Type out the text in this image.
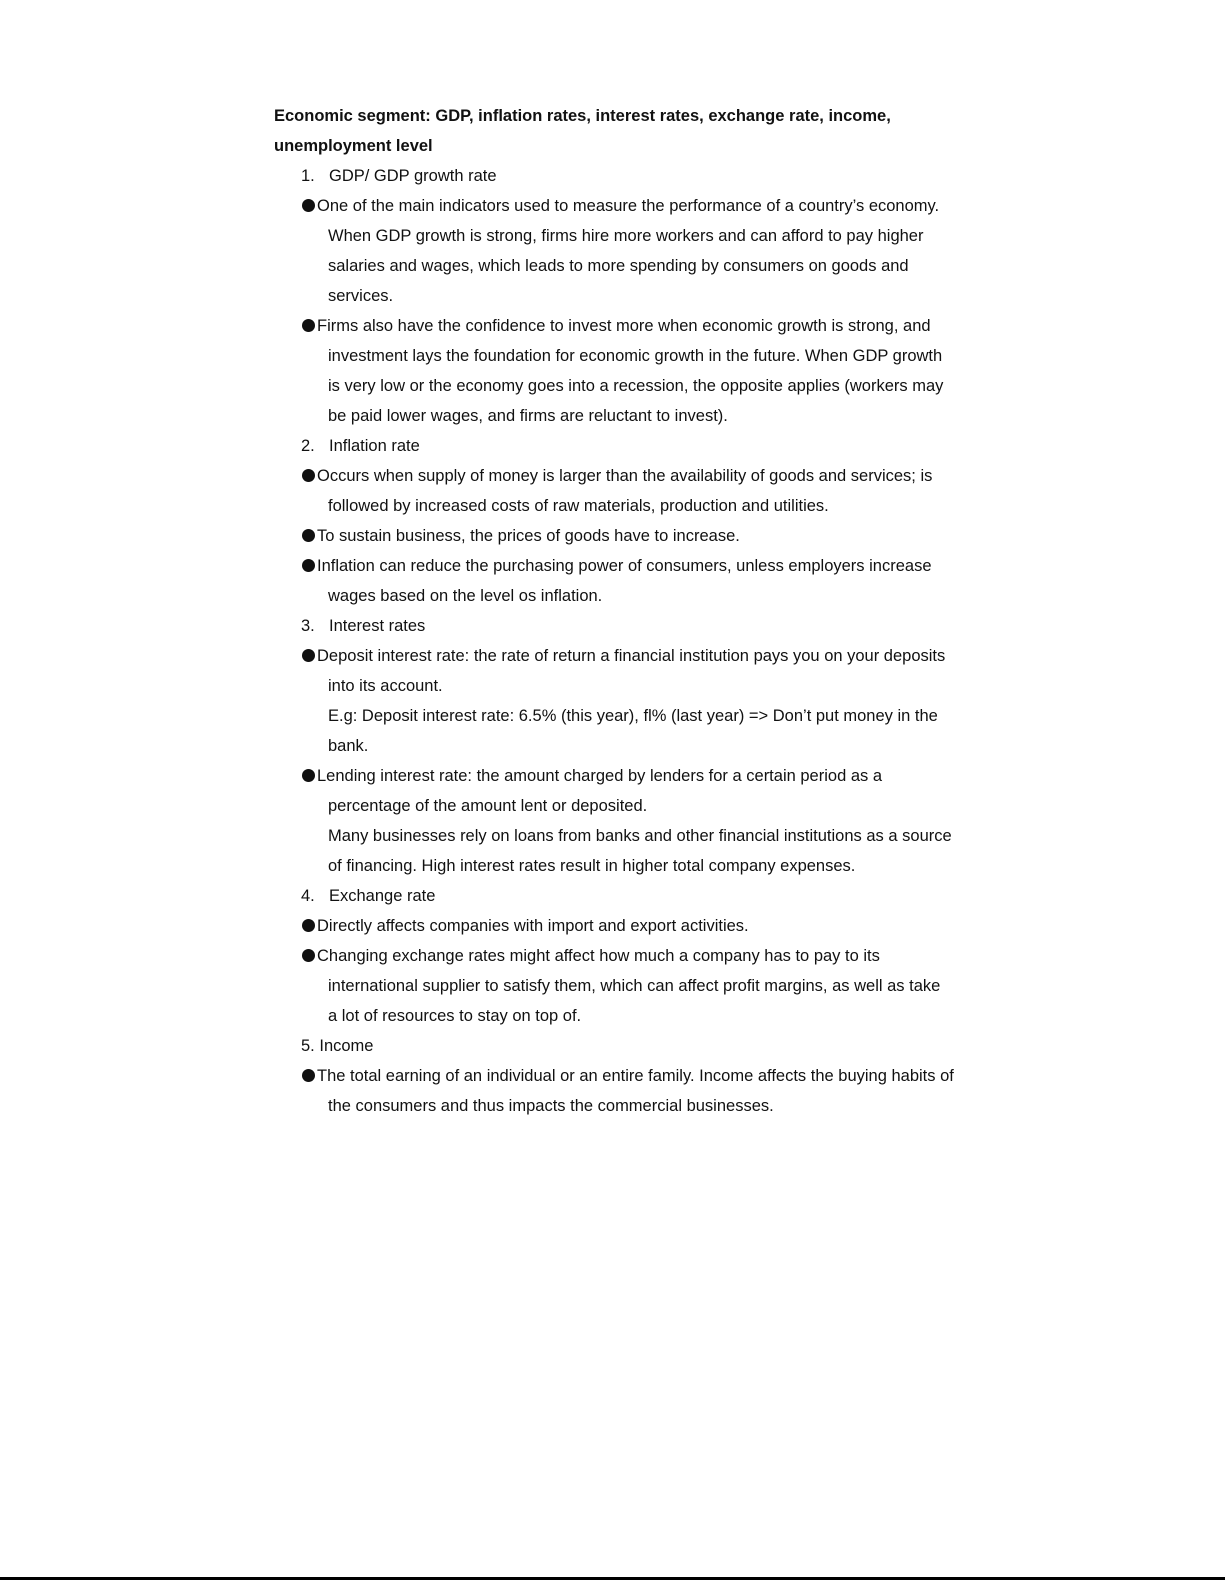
Economic segment: GDP, inflation rates, interest rates, exchange rate, income, unemployment level

1. GDP/ GDP growth rate

One of the main indicators used to measure the performance of a country’s economy. When GDP growth is strong, firms hire more workers and can afford to pay higher salaries and wages, which leads to more spending by consumers on goods and services.

Firms also have the confidence to invest more when economic growth is strong, and investment lays the foundation for economic growth in the future. When GDP growth is very low or the economy goes into a recession, the opposite applies (workers may be paid lower wages, and firms are reluctant to invest).

2. Inflation rate

Occurs when supply of money is larger than the availability of goods and services; is followed by increased costs of raw materials, production and utilities.

To sustain business, the prices of goods have to increase.

Inflation can reduce the purchasing power of consumers, unless employers increase wages based on the level os inflation.

3. Interest rates

Deposit interest rate: the rate of return a financial institution pays you on your deposits into its account.

E.g: Deposit interest rate: 6.5% (this year), ﬂ% (last year) => Don’t put money in the bank.

Lending interest rate: the amount charged by lenders for a certain period as a percentage of the amount lent or deposited.

Many businesses rely on loans from banks and other financial institutions as a source of financing. High interest rates result in higher total company expenses.

4. Exchange rate

Directly affects companies with import and export activities.

Changing exchange rates might affect how much a company has to pay to its international supplier to satisfy them, which can affect profit margins, as well as take a lot of resources to stay on top of.

5. Income

The total earning of an individual or an entire family. Income affects the buying habits of the consumers and thus impacts the commercial businesses.
